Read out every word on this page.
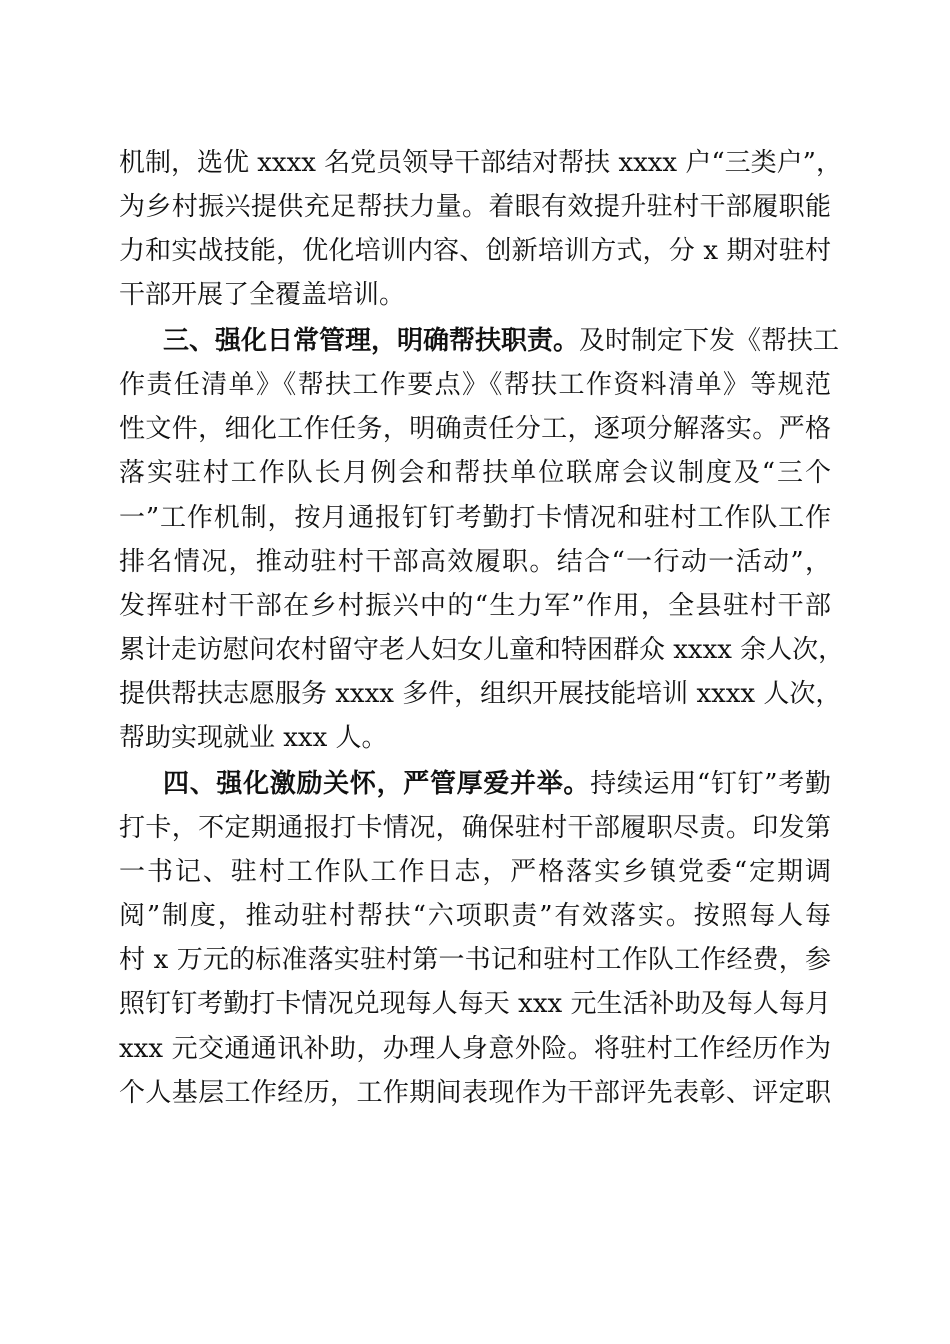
机制，选优 xxxx 名党员领导干部结对帮扶 xxxx 户“三类户”，
为乡村振兴提供充足帮扶力量。着眼有效提升驻村干部履职能
力和实战技能，优化培训内容、创新培训方式，分 x 期对驻村
干部开展了全覆盖培训。
三、强化日常管理，明确帮扶职责。及时制定下发《帮扶工
作责任清单》《帮扶工作要点》《帮扶工作资料清单》等规范
性文件，细化工作任务，明确责任分工，逐项分解落实。严格
落实驻村工作队长月例会和帮扶单位联席会议制度及“三个
一”工作机制，按月通报钉钉考勤打卡情况和驻村工作队工作
排名情况，推动驻村干部高效履职。结合“一行动一活动”，
发挥驻村干部在乡村振兴中的“生力军”作用，全县驻村干部
累计走访慰问农村留守老人妇女儿童和特困群众 xxxx 余人次，
提供帮扶志愿服务 xxxx 多件，组织开展技能培训 xxxx 人次，
帮助实现就业 xxx 人。
四、强化激励关怀，严管厚爱并举。持续运用“钉钉”考勤
打卡，不定期通报打卡情况，确保驻村干部履职尽责。印发第
一书记、驻村工作队工作日志，严格落实乡镇党委“定期调
阅”制度，推动驻村帮扶“六项职责”有效落实。按照每人每
村 x 万元的标准落实驻村第一书记和驻村工作队工作经费，参
照钉钉考勤打卡情况兑现每人每天 xxx 元生活补助及每人每月
xxx 元交通通讯补助，办理人身意外险。将驻村工作经历作为
个人基层工作经历，工作期间表现作为干部评先表彰、评定职
